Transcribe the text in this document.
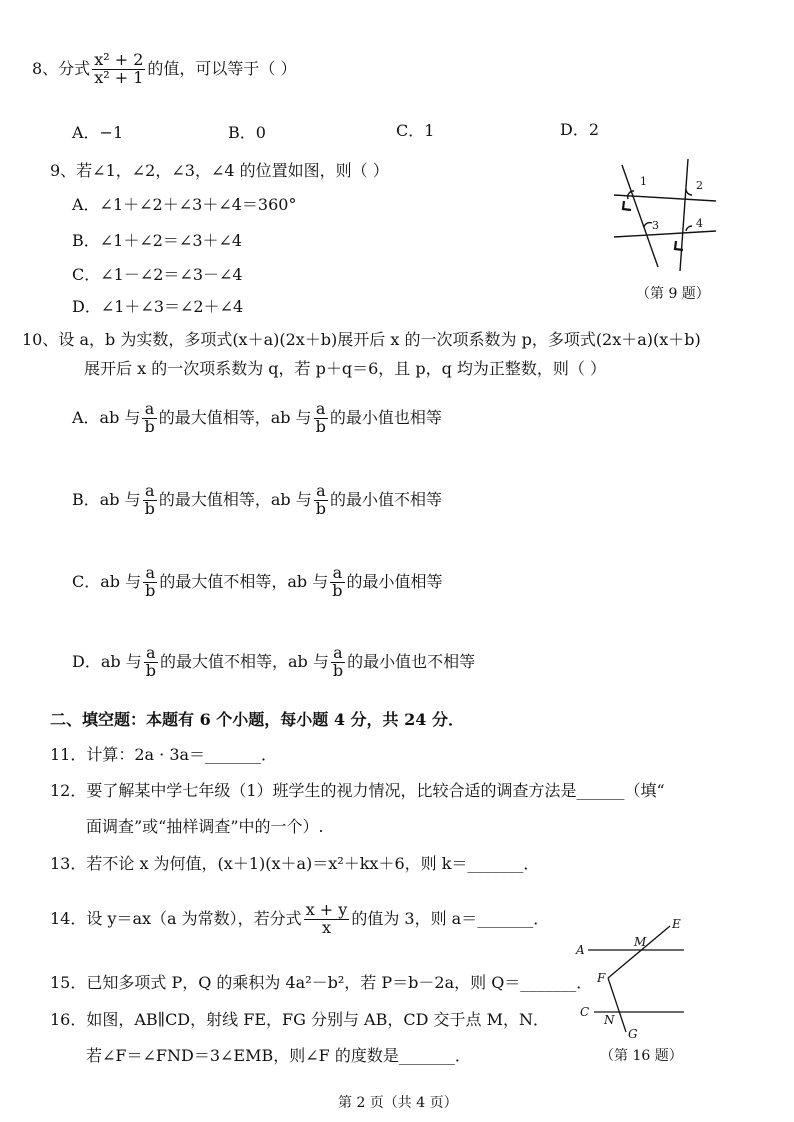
8、分式 $\frac{\text{x² + 2}}{\text{x² + 1}}$ 的值，可以等于（ ）
A．−1	B．0	C．1	D．2
9、若∠1，∠2，∠3，∠4 的位置如图，则（ ）
A．∠1＋∠2＋∠3＋∠4＝360°
B．∠1＋∠2＝∠3＋∠4
C．∠1－∠2＝∠3－∠4
D．∠1＋∠3＝∠2＋∠4
1	2
3	4
（第 9 题）
10、设 a，b 为实数，多项式(x＋a)(2x＋b)展开后 x 的一次项系数为 p，多项式(2x＋a)(x＋b)
展开后 x 的一次项系数为 q，若 p＋q＝6，且 p，q 均为正整数，则（ ）
A．ab 与 $\frac{a}{b}$ 的最大值相等，ab 与 $\frac{a}{b}$ 的最小值也相等
B．ab 与 $\frac{a}{b}$ 的最大值相等，ab 与 $\frac{a}{b}$ 的最小值不相等
C．ab 与 $\frac{a}{b}$ 的最大值不相等，ab 与 $\frac{a}{b}$ 的最小值相等
D．ab 与 $\frac{a}{b}$ 的最大值不相等，ab 与 $\frac{a}{b}$ 的最小值也不相等
二、填空题：本题有 6 个小题，每小题 4 分，共 24 分．
11．计算：2a · 3a＝_______．
12．要了解某中学七年级（1）班学生的视力情况，比较合适的调查方法是______（填“
面调查”或“抽样调查”中的一个）.
13．若不论 x 为何值，(x＋1)(x＋a)＝x²＋kx＋6，则 k＝_______．
14．设 y＝ax（a 为常数），若分式 $\frac{x + y}{x}$ 的值为 3，则 a＝_______．
15．已知多项式 P，Q 的乘积为 4a²－b²，若 P＝b－2a，则 Q＝_______．
16．如图，AB∥CD，射线 FE，FG 分别与 AB，CD 交于点 M，N．
若∠F＝∠FND＝3∠EMB，则∠F 的度数是_______．
A
M
E
F
C
N
G
（第 16 题）
第 2 页（共 4 页）
